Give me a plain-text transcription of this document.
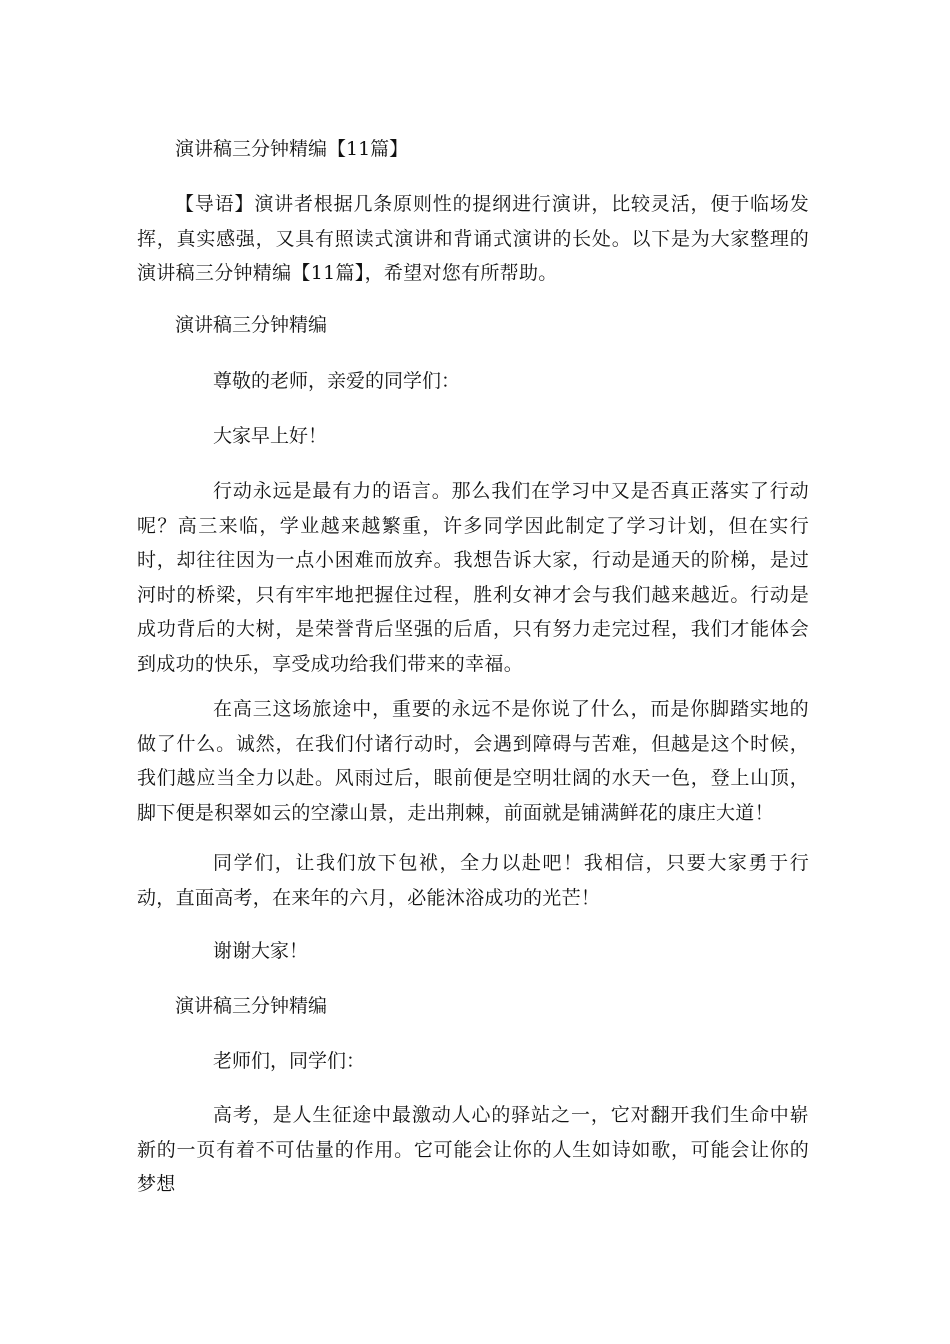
演讲稿三分钟精编【11篇】

【导语】演讲者根据几条原则性的提纲进行演讲，比较灵活，便于临场发挥，真实感强，又具有照读式演讲和背诵式演讲的长处。以下是为大家整理的演讲稿三分钟精编【11篇】，希望对您有所帮助。

演讲稿三分钟精编

尊敬的老师，亲爱的同学们：

大家早上好！

行动永远是最有力的语言。那么我们在学习中又是否真正落实了行动呢？高三来临，学业越来越繁重，许多同学因此制定了学习计划，但在实行时，却往往因为一点小困难而放弃。我想告诉大家，行动是通天的阶梯，是过河时的桥梁，只有牢牢地把握住过程，胜利女神才会与我们越来越近。行动是成功背后的大树，是荣誉背后坚强的后盾，只有努力走完过程，我们才能体会到成功的快乐，享受成功给我们带来的幸福。

在高三这场旅途中，重要的永远不是你说了什么，而是你脚踏实地的做了什么。诚然，在我们付诸行动时，会遇到障碍与苦难，但越是这个时候，我们越应当全力以赴。风雨过后，眼前便是空明壮阔的水天一色，登上山顶，脚下便是积翠如云的空濛山景，走出荆棘，前面就是铺满鲜花的康庄大道！

同学们，让我们放下包袱，全力以赴吧！我相信，只要大家勇于行动，直面高考，在来年的六月，必能沐浴成功的光芒！

谢谢大家！

演讲稿三分钟精编

老师们，同学们：

高考，是人生征途中最激动人心的驿站之一，它对翻开我们生命中崭新的一页有着不可估量的作用。它可能会让你的人生如诗如歌，可能会让你的梦想
